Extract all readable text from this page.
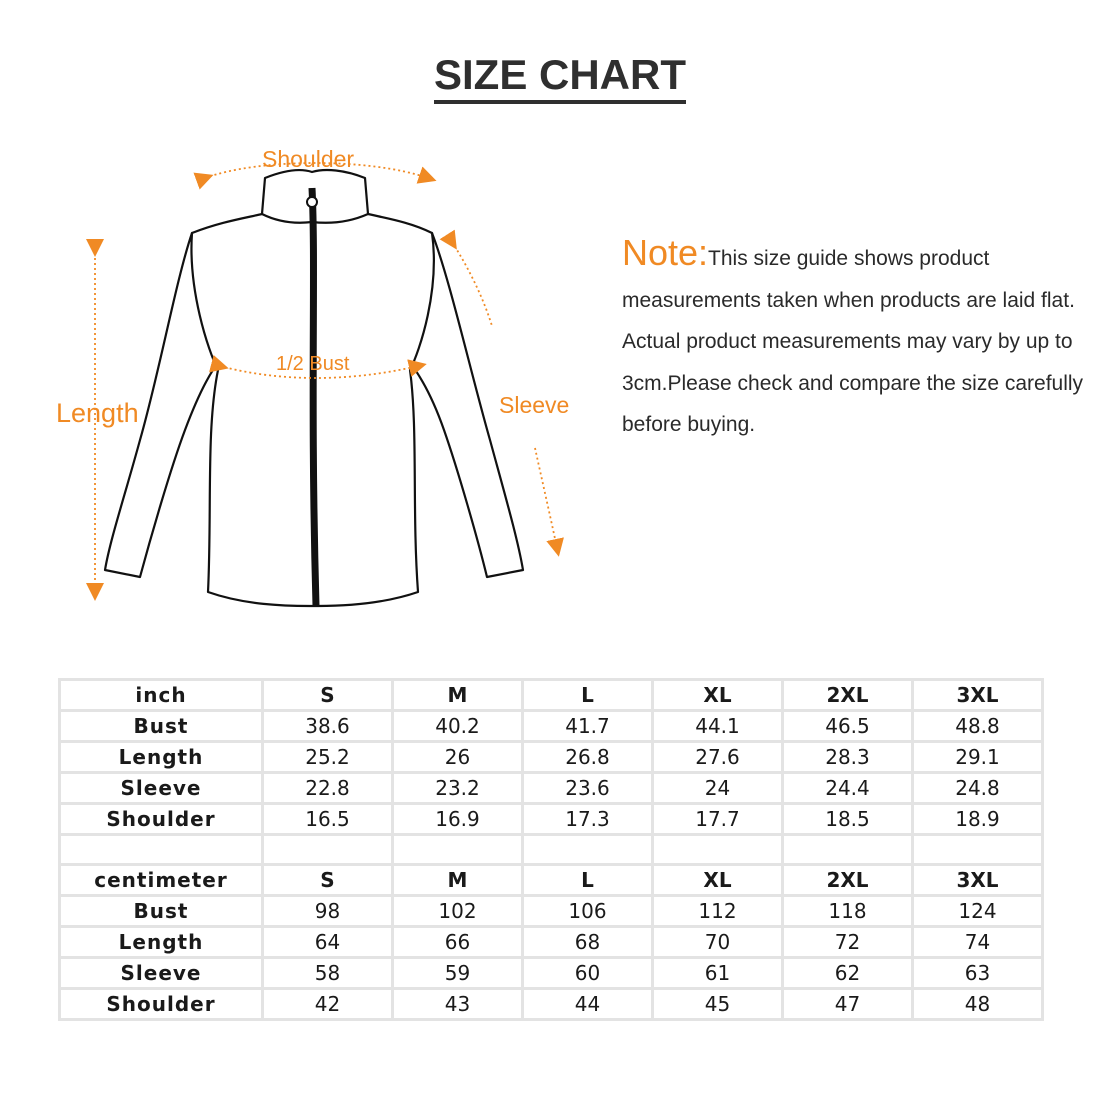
SIZE CHART
Shoulder
1/2 Bust
Length	Sleeve
Note:This size guide shows product measurements taken when products are laid flat. Actual product measurements may vary by up to 3cm.Please check and compare the size carefully before buying.
inch	S	M	L	XL	2XL	3XL
Bust	38.6	40.2	41.7	44.1	46.5	48.8
Length	25.2	26	26.8	27.6	28.3	29.1
Sleeve	22.8	23.2	23.6	24	24.4	24.8
Shoulder	16.5	16.9	17.3	17.7	18.5	18.9

centimeter	S	M	L	XL	2XL	3XL
Bust	98	102	106	112	118	124
Length	64	66	68	70	72	74
Sleeve	58	59	60	61	62	63
Shoulder	42	43	44	45	47	48
